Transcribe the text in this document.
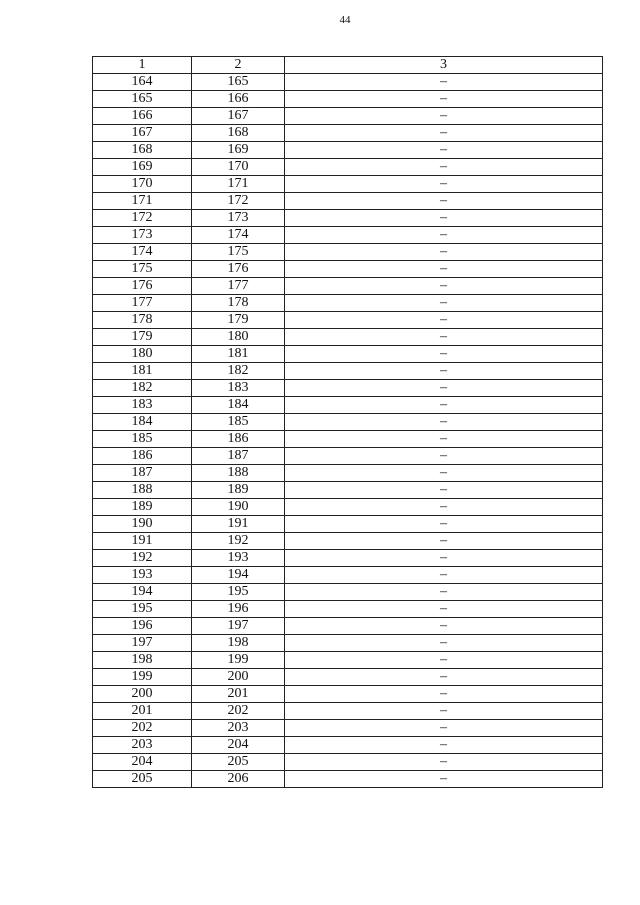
44
1	2	3
164	165	–
165	166	–
166	167	–
167	168	–
168	169	–
169	170	–
170	171	–
171	172	–
172	173	–
173	174	–
174	175	–
175	176	–
176	177	–
177	178	–
178	179	–
179	180	–
180	181	–
181	182	–
182	183	–
183	184	–
184	185	–
185	186	–
186	187	–
187	188	–
188	189	–
189	190	–
190	191	–
191	192	–
192	193	–
193	194	–
194	195	–
195	196	–
196	197	–
197	198	–
198	199	–
199	200	–
200	201	–
201	202	–
202	203	–
203	204	–
204	205	–
205	206	–
